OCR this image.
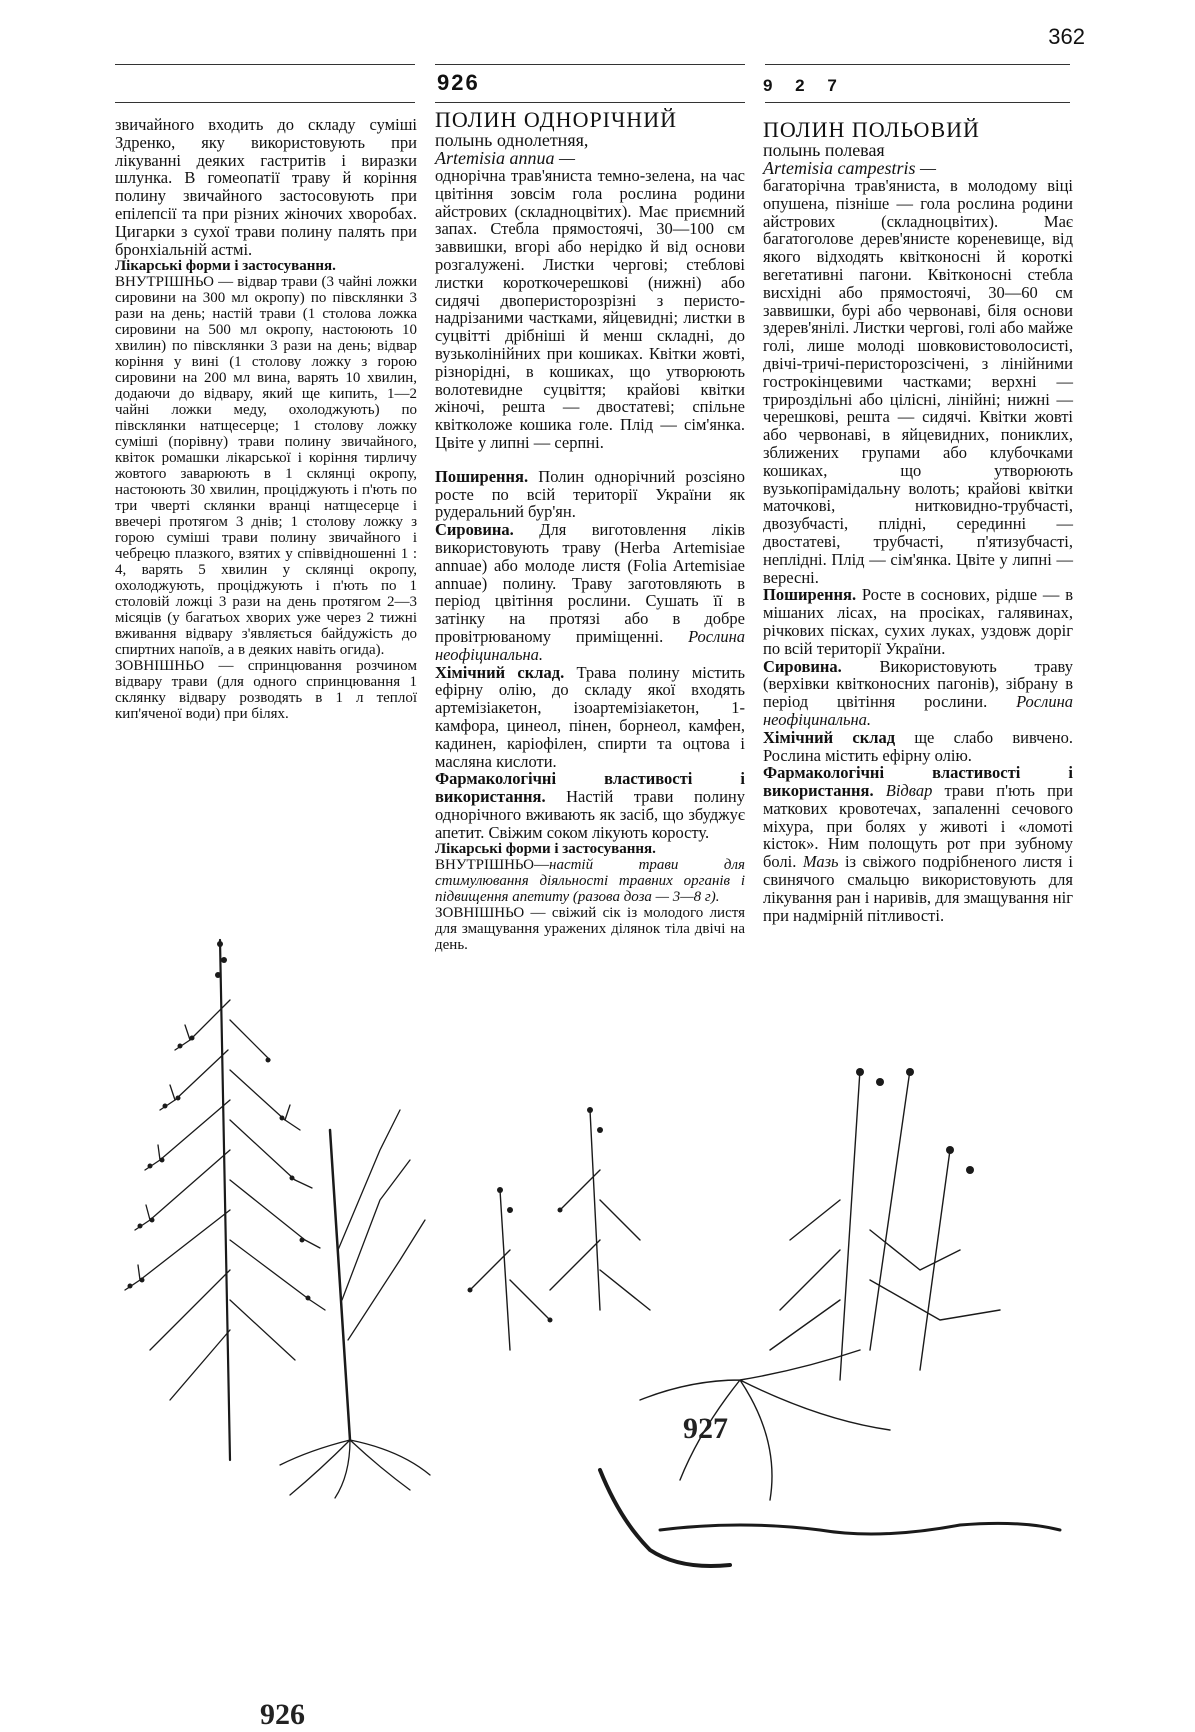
362
926	9 2 7

звичайного входить до складу суміші Здренко, яку використовують при лікуванні деяких гастритів і виразки шлунка. В гомеопатії траву й коріння полину звичайного застосовують при епілепсії та при різних жіночих хворобах. Цигарки з сухої трави полину палять при бронхіальній астмі.

Лікарські форми і застосування.
ВНУТРІШНЬО — відвар трави (3 чайні ложки сировини на 300 мл окропу) по півсклянки 3 рази на день; настій трави (1 столова ложка сировини на 500 мл окропу, настоюють 10 хвилин) по півсклянки 3 рази на день; відвар коріння у вині (1 столову ложку з горою сировини на 200 мл вина, варять 10 хвилин, додаючи до відвару, який ще кипить, 1—2 чайні ложки меду, охолоджують) по півсклянки натщесерце; 1 столову ложку суміші (порівну) трави полину звичайного, квіток ромашки лікарської і коріння тирличу жовтого заварюють в 1 склянці окропу, настоюють 30 хвилин, проціджують і п'ють по три чверті склянки вранці натщесерце і ввечері протягом 3 днів; 1 столову ложку з горою суміші трави полину звичайного і чебрецю плазкого, взятих у співвідношенні 1 : 4, варять 5 хвилин у склянці окропу, охолоджують, проціджують і п'ють по 1 столовій ложці 3 рази на день протягом 2—3 місяців (у багатьох хворих уже через 2 тижні вживання відвару з'являється байдужість до спиртних напоїв, а в деяких навіть огида).
ЗОВНІШНЬО — спринцювання розчином відвару трави (для одного спринцювання 1 склянку відвару розводять в 1 л теплої кип'яченої води) при білях.

ПОЛИН ОДНОРІЧНИЙ

полынь однолетняя,

Artemisia annua —

однорічна трав'яниста темно-зелена, на час цвітіння зовсім гола рослина родини айстрових (складноцвітих). Має приємний запах. Стебла прямостоячі, 30—100 см заввишки, вгорі або нерідко й від основи розгалужені. Листки чергові; стеблові листки короткочерешкові (нижні) або сидячі двоперисторозрізні з перисто-надрізаними частками, яйцевидні; листки в суцвітті дрібніші й менш складні, до вузьколінійних при кошиках. Квітки жовті, різнорідні, в кошиках, що утворюють волотевидне суцвіття; крайові квітки жіночі, решта — двостатеві; спільне квітколоже кошика голе. Плід — сім'янка. Цвіте у липні — серпні.

Поширення. Полин однорічний розсіяно росте по всій території України як рудеральний бур'ян.

Сировина. Для виготовлення ліків використовують траву (Herba Artemisiae annuae) або молоде листя (Folia Artemisiae annuae) полину. Траву заготовляють в період цвітіння рослини. Сушать її в затінку на протязі або в добре провітрюваному приміщенні. Рослина неофіцинальна.

Хімічний склад. Трава полину містить ефірну олію, до складу якої входять артемізіакетон, ізоартемізіакетон, 1-камфора, цинеол, пінен, борнеол, камфен, кадинен, каріофілен, спирти та оцтова і масляна кислоти.

Фармакологічні властивості і використання. Настій трави полину однорічного вживають як засіб, що збуджує апетит. Свіжим соком лікують коросту.

Лікарські форми і застосування.
ВНУТРІШНЬО—настій трави для стимулювання діяльності травних органів і підвищення апетиту (разова доза — 3—8 г).
ЗОВНІШНЬО — свіжий сік із молодого листя для змащування уражених ділянок тіла двічі на день.

ПОЛИН ПОЛЬОВИЙ

полынь полевая

Artemisia campestris —

багаторічна трав'яниста, в молодому віці опушена, пізніше — гола рослина родини айстрових (складноцвітих). Має багатоголове дерев'янисте кореневище, від якого відходять квітконосні й короткі вегетативні пагони. Квітконосні стебла висхідні або прямостоячі, 30—60 см заввишки, бурі або червонаві, біля основи здерев'янілі. Листки чергові, голі або майже голі, лише молоді шовковистоволосисті, двічі-тричі-перисторозсічені, з лінійними гострокінцевими частками; верхні — трироздільні або цілісні, лінійні; нижні — черешкові, решта — сидячі. Квітки жовті або червонаві, в яйцевидних, пониклих, зближених групами або клубочками кошиках, що утворюють вузькопірамідальну волоть; крайові квітки маточкові, нитковидно-трубчасті, двозубчасті, плідні, серединні — двостатеві, трубчасті, п'ятизубчасті, неплідні. Плід — сім'янка. Цвіте у липні — вересні.

Поширення. Росте в соснових, рідше — в мішаних лісах, на просіках, галявинах, річкових пісках, сухих луках, уздовж доріг по всій території України.

Сировина. Використовують траву (верхівки квітконосних пагонів), зібрану в період цвітіння рослини. Рослина неофіцинальна.

Хімічний склад ще слабо вивчено. Рослина містить ефірну олію.

Фармакологічні властивості і використання. Відвар трави п'ють при маткових кровотечах, запаленні сечового міхура, при болях у животі і «ломоті кісток». Ним полощуть рот при зубному болі. Мазь із свіжого подрібненого листя і свинячого смальцю використовують для лікування ран і наривів, для змащування ніг при надмірній пітливості.

926
927
